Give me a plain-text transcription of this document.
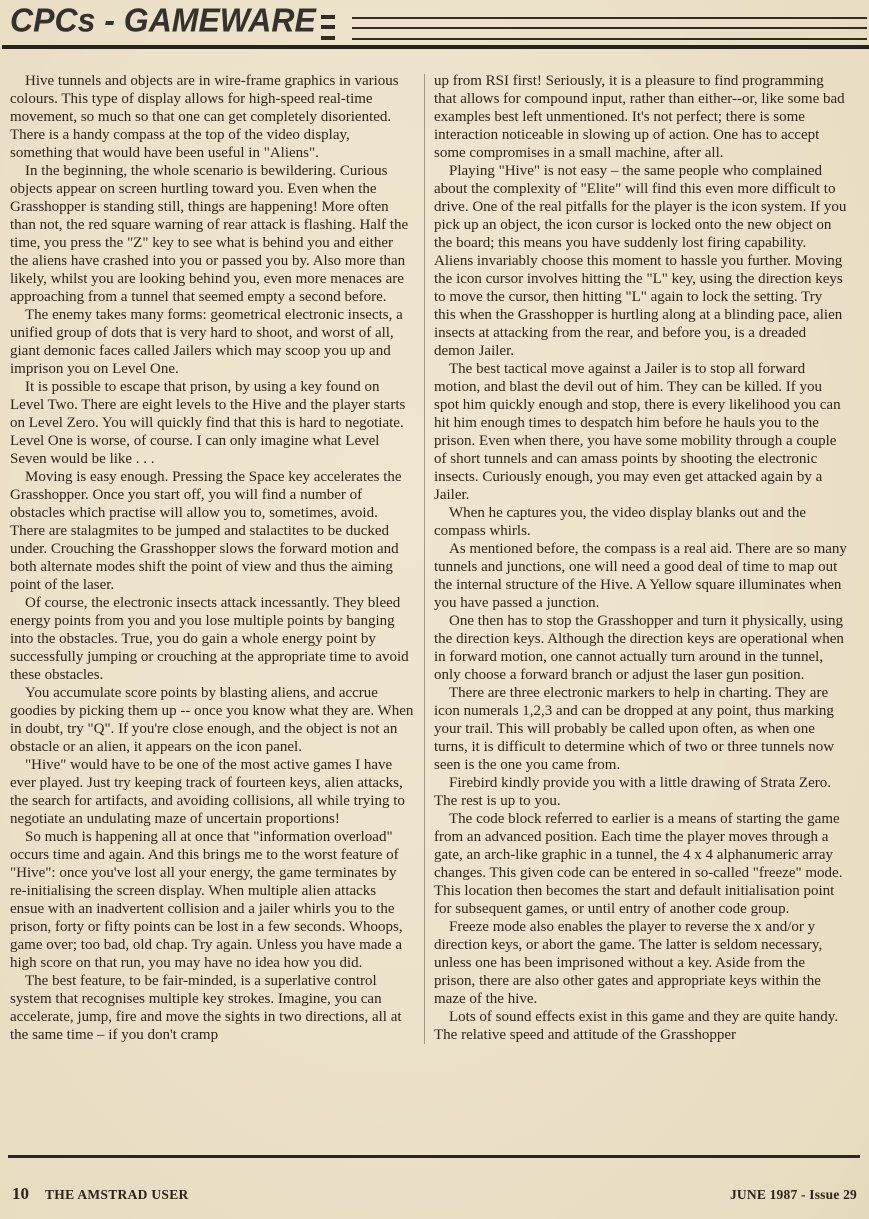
CPCs - GAMEWARE

Hive tunnels and objects are in wire-frame graphics in various colours. This type of display allows for high-speed real-time movement, so much so that one can get completely disoriented. There is a handy compass at the top of the video display, something that would have been useful in "Aliens".

In the beginning, the whole scenario is bewildering. Curious objects appear on screen hurtling toward you. Even when the Grasshopper is standing still, things are happening! More often than not, the red square warning of rear attack is flashing. Half the time, you press the "Z" key to see what is behind you and either the aliens have crashed into you or passed you by. Also more than likely, whilst you are looking behind you, even more menaces are approaching from a tunnel that seemed empty a second before.

The enemy takes many forms: geometrical electronic insects, a unified group of dots that is very hard to shoot, and worst of all, giant demonic faces called Jailers which may scoop you up and imprison you on Level One.

It is possible to escape that prison, by using a key found on Level Two. There are eight levels to the Hive and the player starts on Level Zero. You will quickly find that this is hard to negotiate. Level One is worse, of course. I can only imagine what Level Seven would be like . . .

Moving is easy enough. Pressing the Space key accelerates the Grasshopper. Once you start off, you will find a number of obstacles which practise will allow you to, sometimes, avoid. There are stalagmites to be jumped and stalactites to be ducked under. Crouching the Grasshopper slows the forward motion and both alternate modes shift the point of view and thus the aiming point of the laser.

Of course, the electronic insects attack incessantly. They bleed energy points from you and you lose multiple points by banging into the obstacles. True, you do gain a whole energy point by successfully jumping or crouching at the appropriate time to avoid these obstacles.

You accumulate score points by blasting aliens, and accrue goodies by picking them up -- once you know what they are. When in doubt, try "Q". If you're close enough, and the object is not an obstacle or an alien, it appears on the icon panel.

"Hive" would have to be one of the most active games I have ever played. Just try keeping track of fourteen keys, alien attacks, the search for artifacts, and avoiding collisions, all while trying to negotiate an undulating maze of uncertain proportions!

So much is happening all at once that "information overload" occurs time and again. And this brings me to the worst feature of "Hive": once you've lost all your energy, the game terminates by re-initialising the screen display. When multiple alien attacks ensue with an inadvertent collision and a jailer whirls you to the prison, forty or fifty points can be lost in a few seconds. Whoops, game over; too bad, old chap. Try again. Unless you have made a high score on that run, you may have no idea how you did.

The best feature, to be fair-minded, is a superlative control system that recognises multiple key strokes. Imagine, you can accelerate, jump, fire and move the sights in two directions, all at the same time – if you don't cramp

up from RSI first! Seriously, it is a pleasure to find programming that allows for compound input, rather than either--or, like some bad examples best left unmentioned. It's not perfect; there is some interaction noticeable in slowing up of action. One has to accept some compromises in a small machine, after all.

Playing "Hive" is not easy – the same people who complained about the complexity of "Elite" will find this even more difficult to drive. One of the real pitfalls for the player is the icon system. If you pick up an object, the icon cursor is locked onto the new object on the board; this means you have suddenly lost firing capability. Aliens invariably choose this moment to hassle you further. Moving the icon cursor involves hitting the "L" key, using the direction keys to move the cursor, then hitting "L" again to lock the setting. Try this when the Grasshopper is hurtling along at a blinding pace, alien insects at attacking from the rear, and before you, is a dreaded demon Jailer.

The best tactical move against a Jailer is to stop all forward motion, and blast the devil out of him. They can be killed. If you spot him quickly enough and stop, there is every likelihood you can hit him enough times to despatch him before he hauls you to the prison. Even when there, you have some mobility through a couple of short tunnels and can amass points by shooting the electronic insects. Curiously enough, you may even get attacked again by a Jailer.

When he captures you, the video display blanks out and the compass whirls.

As mentioned before, the compass is a real aid. There are so many tunnels and junctions, one will need a good deal of time to map out the internal structure of the Hive. A Yellow square illuminates when you have passed a junction.

One then has to stop the Grasshopper and turn it physically, using the direction keys. Although the direction keys are operational when in forward motion, one cannot actually turn around in the tunnel, only choose a forward branch or adjust the laser gun position.

There are three electronic markers to help in charting. They are icon numerals 1,2,3 and can be dropped at any point, thus marking your trail. This will probably be called upon often, as when one turns, it is difficult to determine which of two or three tunnels now seen is the one you came from.

Firebird kindly provide you with a little drawing of Strata Zero. The rest is up to you.

The code block referred to earlier is a means of starting the game from an advanced position. Each time the player moves through a gate, an arch-like graphic in a tunnel, the 4 x 4 alphanumeric array changes. This given code can be entered in so-called "freeze" mode. This location then becomes the start and default initialisation point for subsequent games, or until entry of another code group.

Freeze mode also enables the player to reverse the x and/or y direction keys, or abort the game. The latter is seldom necessary, unless one has been imprisoned without a key. Aside from the prison, there are also other gates and appropriate keys within the maze of the hive.

Lots of sound effects exist in this game and they are quite handy. The relative speed and attitude of the Grasshopper

10 THE AMSTRAD USER	JUNE 1987 - Issue 29
